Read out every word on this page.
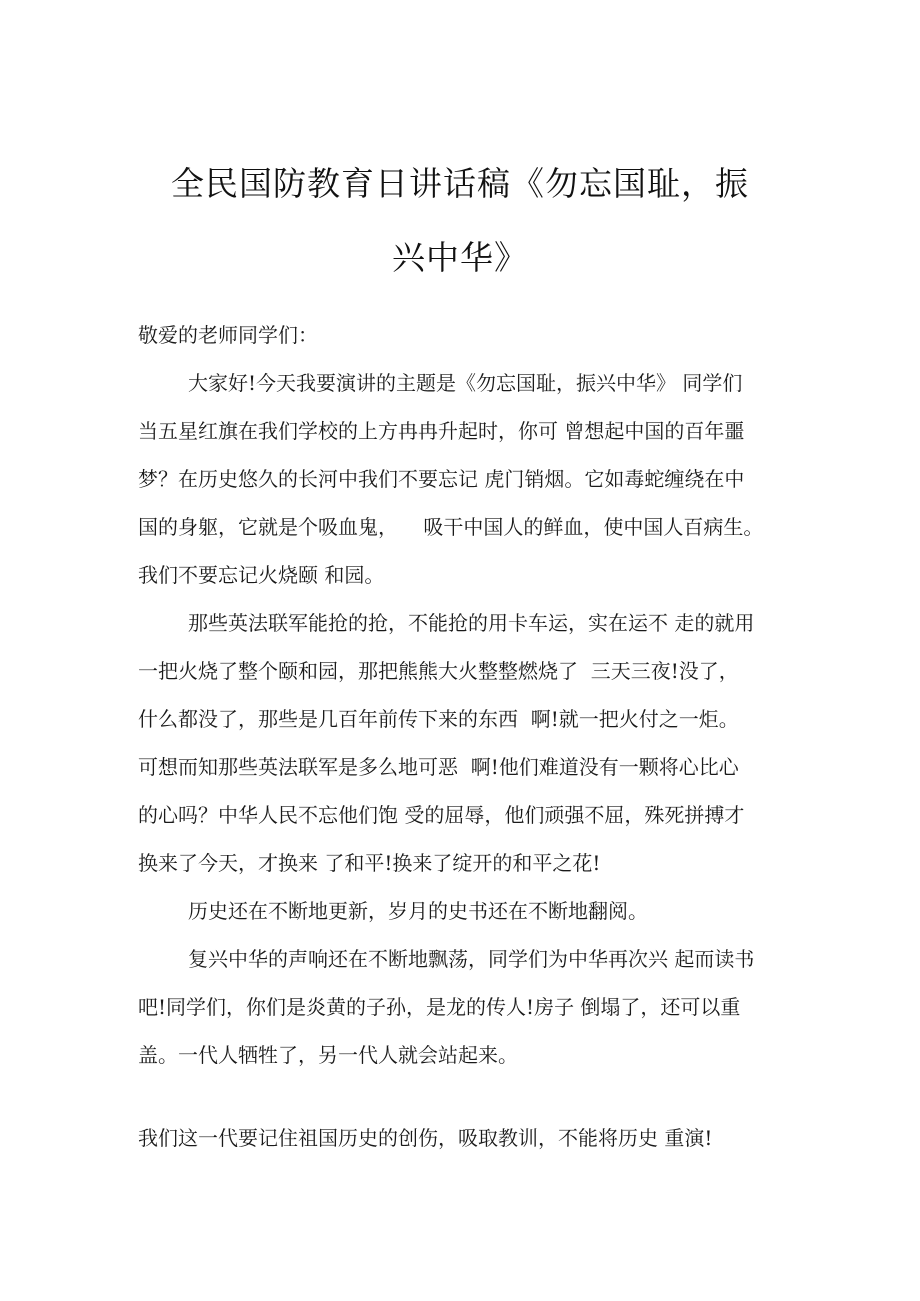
全民国防教育日讲话稿《勿忘国耻，振
兴中华》
敬爱的老师同学们：
大家好!今天我要演讲的主题是《勿忘国耻，振兴中华》 同学们
当五星红旗在我们学校的上方冉冉升起时，你可 曾想起中国的百年噩
梦？在历史悠久的长河中我们不要忘记 虎门销烟。它如毒蛇缠绕在中
国的身躯，它就是个吸血鬼，    吸干中国人的鲜血，使中国人百病生。
我们不要忘记火烧颐 和园。
那些英法联军能抢的抢，不能抢的用卡车运，实在运不 走的就用
一把火烧了整个颐和园，那把熊熊大火整整燃烧了  三天三夜!没了，
什么都没了，那些是几百年前传下来的东西  啊!就一把火付之一炬。
可想而知那些英法联军是多么地可恶  啊!他们难道没有一颗将心比心
的心吗？中华人民不忘他们饱 受的屈辱，他们顽强不屈，殊死拼搏才
换来了今天，才换来 了和平!换来了绽开的和平之花!
历史还在不断地更新，岁月的史书还在不断地翻阅。
复兴中华的声响还在不断地飘荡，同学们为中华再次兴 起而读书
吧!同学们，你们是炎黄的子孙，是龙的传人!房子 倒塌了，还可以重
盖。一代人牺牲了，另一代人就会站起来。
我们这一代要记住祖国历史的创伤，吸取教训，不能将历史 重演!
